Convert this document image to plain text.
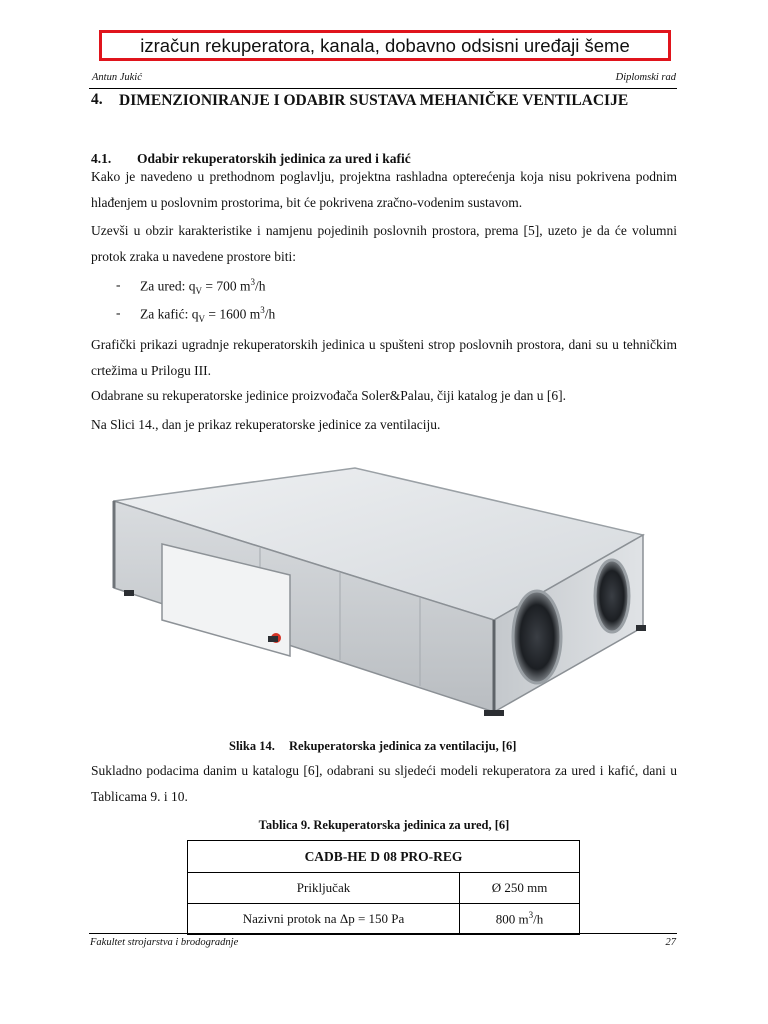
izračun rekuperatora, kanala, dobavno odsisni uređaji šeme
Antun Jukić	Diplomski rad
4. DIMENZIONIRANJE I ODABIR SUSTAVA MEHANIČKE VENTILACIJE
4.1. Odabir rekuperatorskih jedinica za ured i kafić
Kako je navedeno u prethodnom poglavlju, projektna rashladna opterećenja koja nisu pokrivena podnim hlađenjem u poslovnim prostorima, bit će pokrivena zračno-vodenim sustavom.
Uzevši u obzir karakteristike i namjenu pojedinih poslovnih prostora, prema [5], uzeto je da će volumni protok zraka u navedene prostore biti:
- Za ured: $q_V = 700$ $m^3/h$
- Za kafić: $q_V = 1600$ $m^3/h$
Grafički prikazi ugradnje rekuperatorskih jedinica u spušteni strop poslovnih prostora, dani su u tehničkim crtežima u Prilogu III.
Odabrane su rekuperatorske jedinice proizvođača Soler&Palau, čiji katalog je dan u [6].
Na Slici 14., dan je prikaz rekuperatorske jedinice za ventilaciju.
Slika 14. Rekuperatorska jedinica za ventilaciju, [6]
Sukladno podacima danim u katalogu [6], odabrani su sljedeći modeli rekuperatora za ured i kafić, dani u Tablicama 9. i 10.
Tablica 9. Rekuperatorska jedinica za ured, [6]
CADB-HE D 08 PRO-REG	
Priključak	Ø 250 mm
Nazivni protok na Δp = 150 Pa	800 $m^3/h$
Fakultet strojarstva i brodogradnje	27
